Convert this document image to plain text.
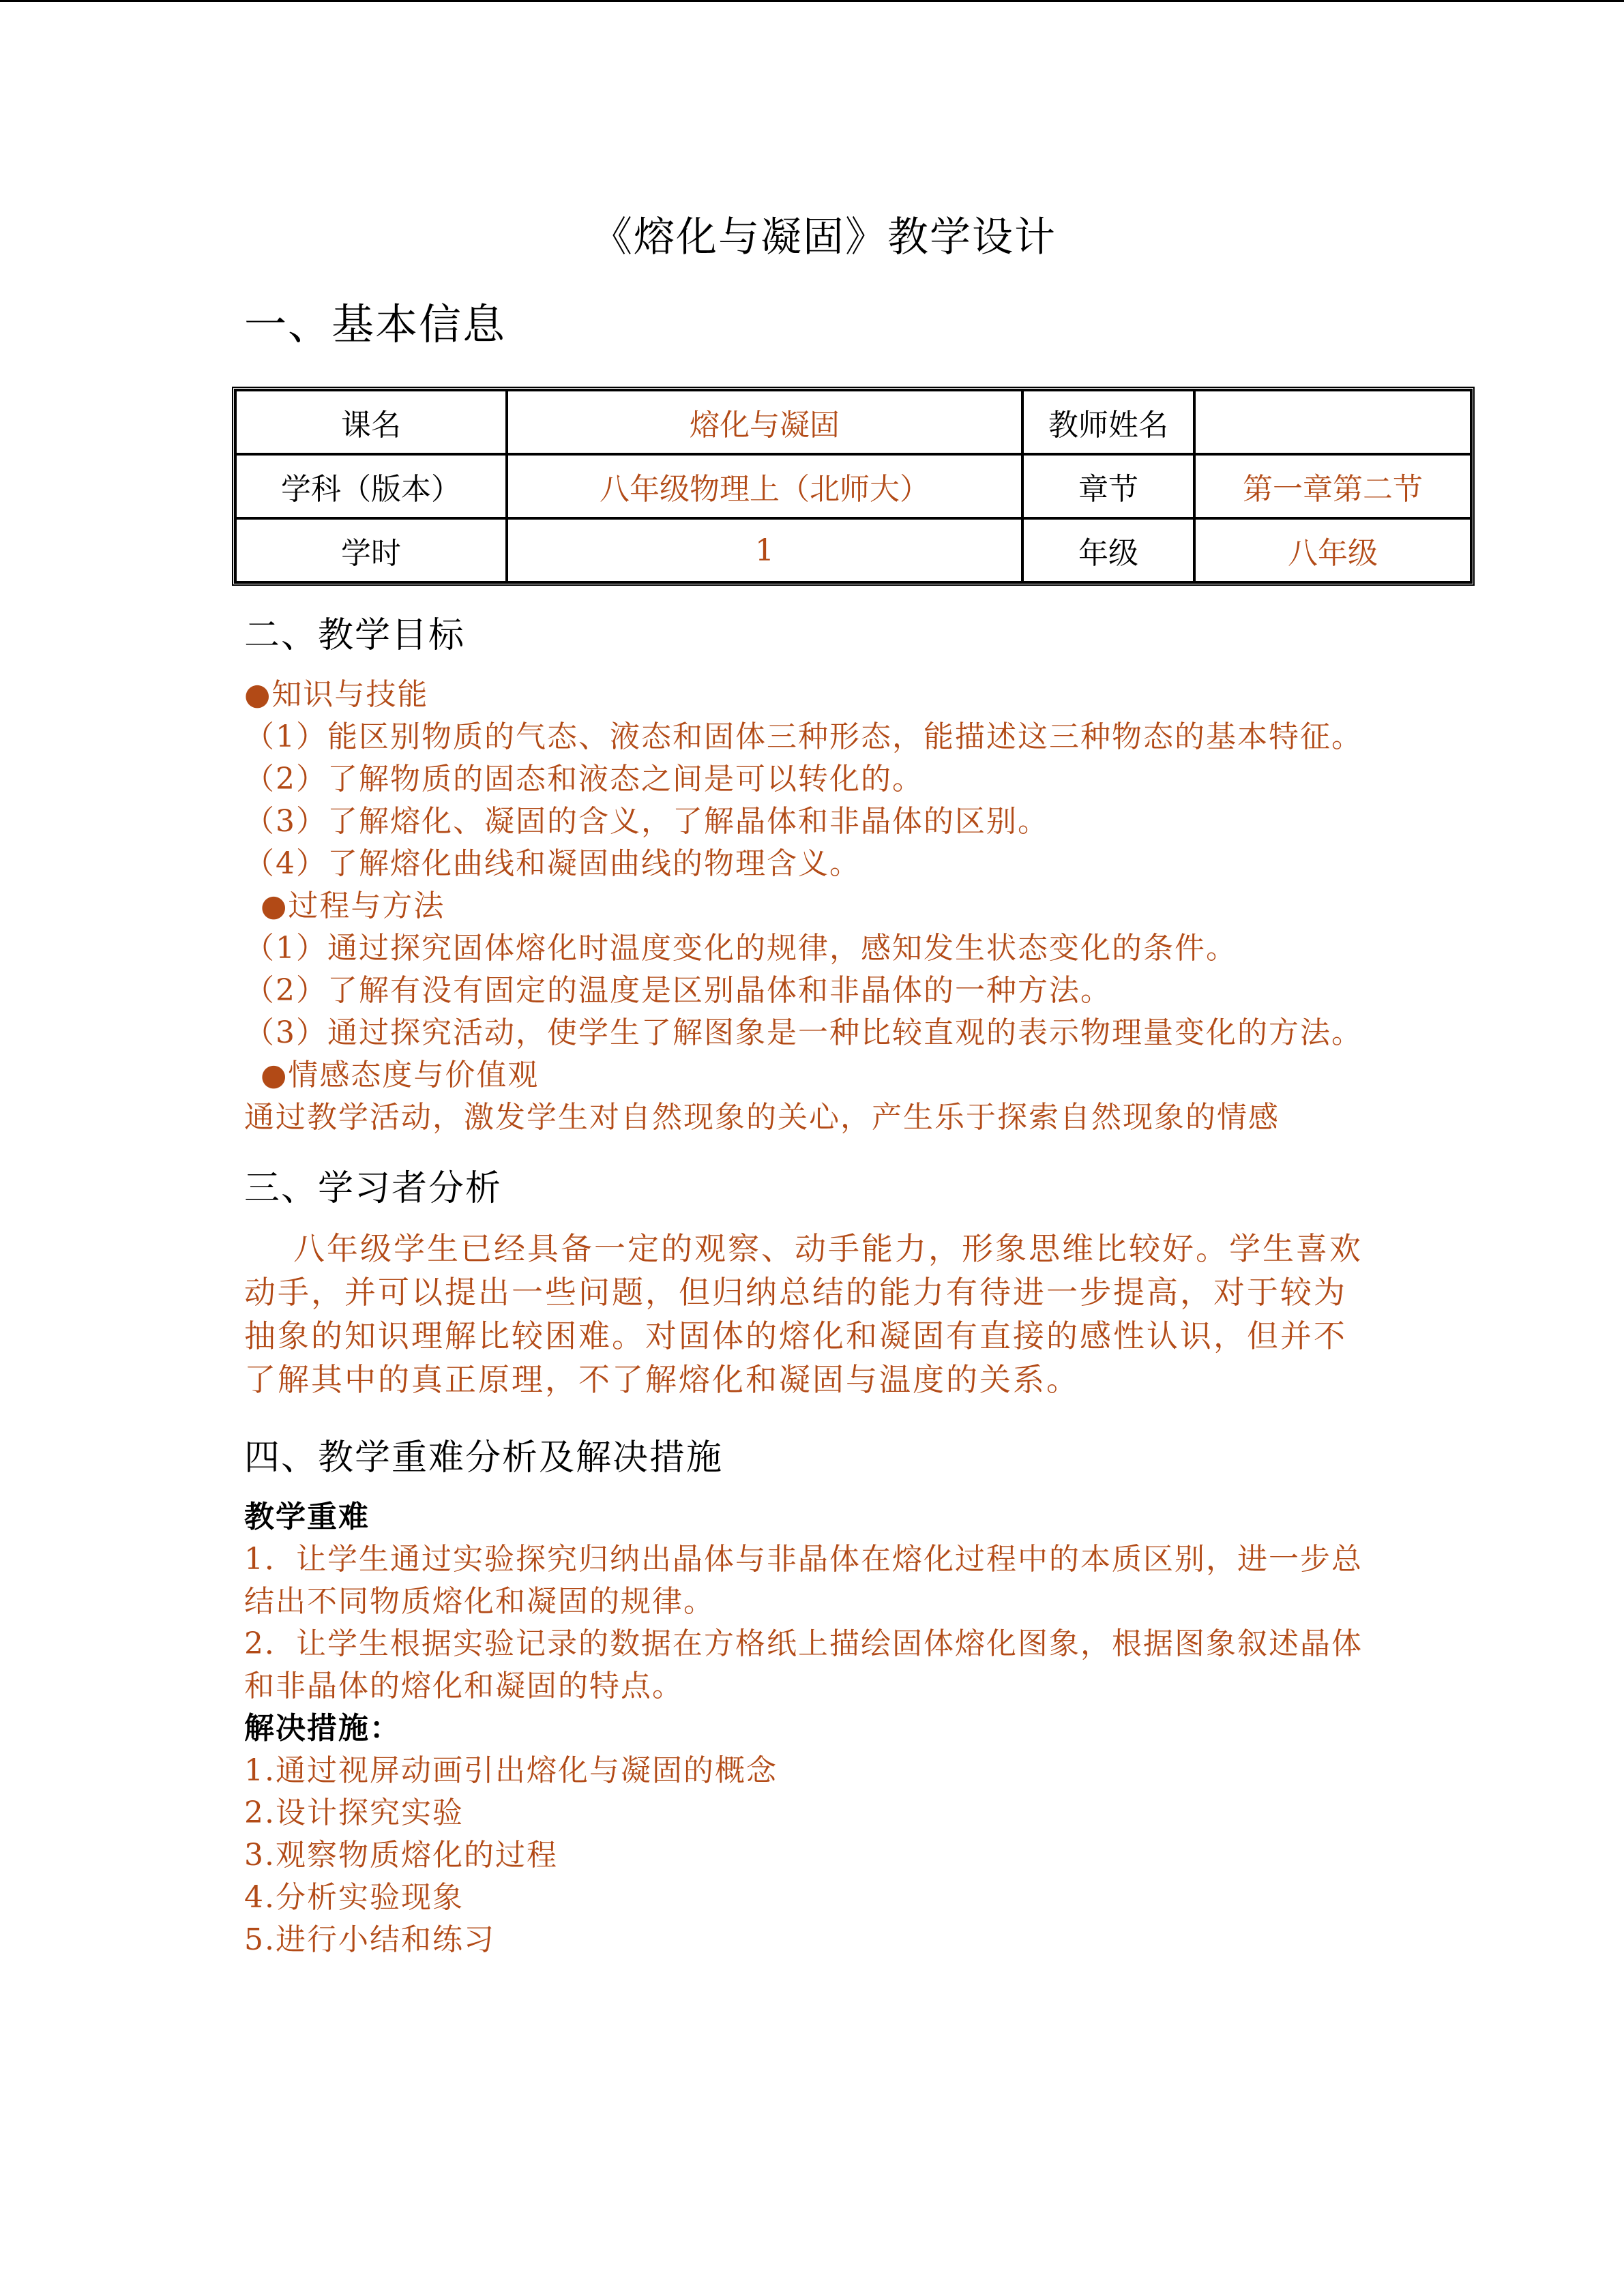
《熔化与凝固》教学设计
一、基本信息
课名	熔化与凝固	教师姓名	
学科（版本）	八年级物理上（北师大）	章节	第一章第二节
学时	1	年级	八年级
二、教学目标
●知识与技能
（1）能区别物质的气态、液态和固体三种形态，能描述这三种物态的基本特征。
（2）了解物质的固态和液态之间是可以转化的。
（3）了解熔化、凝固的含义，了解晶体和非晶体的区别。
（4）了解熔化曲线和凝固曲线的物理含义。
●过程与方法
（1）通过探究固体熔化时温度变化的规律，感知发生状态变化的条件。
（2）了解有没有固定的温度是区别晶体和非晶体的一种方法。
（3）通过探究活动，使学生了解图象是一种比较直观的表示物理量变化的方法。
●情感态度与价值观
通过教学活动，激发学生对自然现象的关心，产生乐于探索自然现象的情感
三、学习者分析

八年级学生已经具备一定的观察、动手能力，形象思维比较好。学生喜欢动手，并可以提出一些问题，但归纳总结的能力有待进一步提高，对于较为抽象的知识理解比较困难。对固体的熔化和凝固有直接的感性认识，但并不了解其中的真正原理，不了解熔化和凝固与温度的关系。

四、教学重难分析及解决措施
教学重难
1．让学生通过实验探究归纳出晶体与非晶体在熔化过程中的本质区别，进一步总结出不同物质熔化和凝固的规律。
2．让学生根据实验记录的数据在方格纸上描绘固体熔化图象，根据图象叙述晶体和非晶体的熔化和凝固的特点。
解决措施：
1.通过视屏动画引出熔化与凝固的概念
2.设计探究实验
3.观察物质熔化的过程
4.分析实验现象
5.进行小结和练习
